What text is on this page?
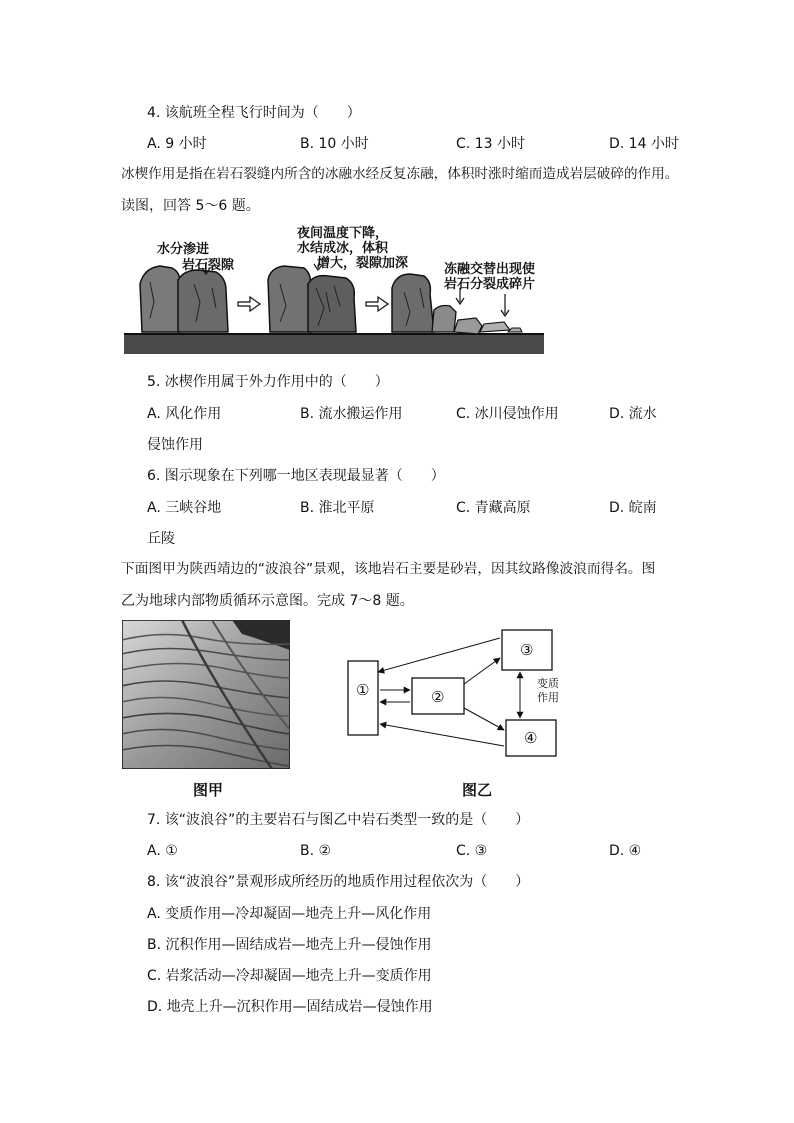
4. 该航班全程飞行时间为（　　）
A. 9 小时	B. 10 小时	C. 13 小时	D. 14 小时
冰楔作用是指在岩石裂缝内所含的冰融水经反复冻融，体积时涨时缩而造成岩层破碎的作用。
读图，回答 5～6 题。
水分渗进
岩石裂隙
夜间温度下降，
水结成冰，体积
增大，裂隙加深	冻融交替出现使
岩石分裂成碎片
5. 冰楔作用属于外力作用中的（　　）
A. 风化作用	B. 流水搬运作用	C. 冰川侵蚀作用	D. 流水
侵蚀作用
6. 图示现象在下列哪一地区表现最显著（　　）
A. 三峡谷地	B. 淮北平原	C. 青藏高原	D. 皖南
丘陵
下面图甲为陕西靖边的“波浪谷”景观，该地岩石主要是砂岩，因其纹路像波浪而得名。图
乙为地球内部物质循环示意图。完成 7～8 题。
图甲
①	②
③
④
变质
作用
图乙
7. 该“波浪谷”的主要岩石与图乙中岩石类型一致的是（　　）
A. ①	B. ②	C. ③	D. ④
8. 该“波浪谷”景观形成所经历的地质作用过程依次为（　　）
A. 变质作用—冷却凝固—地壳上升—风化作用
B. 沉积作用—固结成岩—地壳上升—侵蚀作用
C. 岩浆活动—冷却凝固—地壳上升—变质作用
D. 地壳上升—沉积作用—固结成岩—侵蚀作用
